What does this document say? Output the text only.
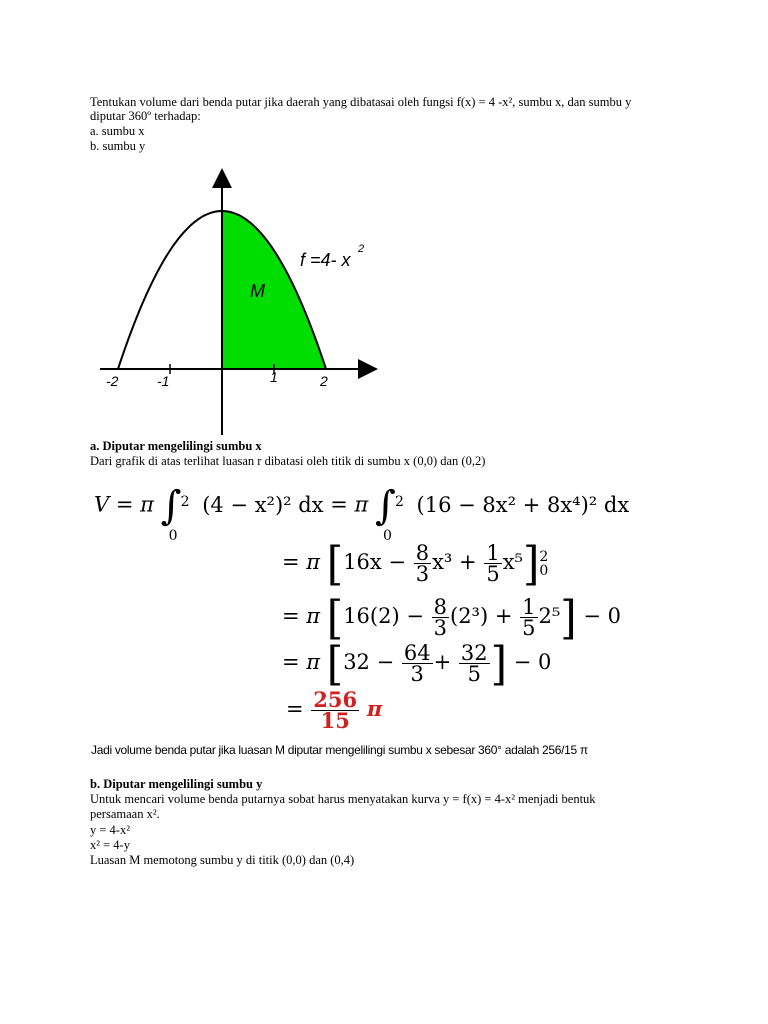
Tentukan volume dari benda putar jika daerah yang dibatasai oleh fungsi f(x) = 4 -x², sumbu x, dan sumbu y
diputar 360º terhadap:
a. sumbu x
b. sumbu y
-2	-1	1	2
M
f =4- x
2
a. Diputar mengelilingi sumbu x
Dari grafik di atas terlihat luasan r dibatasi oleh titik di sumbu x (0,0) dan (0,2)
V = π ∫ 2
0
(4 − x²)² dx = π ∫ 2
0
(16 − 8x² + 8x⁴)² dx
= π $[16x - \frac{8}{3} x^3 + \frac{1}{5} x^5]$ 2
0
= π $[16(2) - \frac{8}{3} (2^3) + \frac{1}{5} 2^5] - 0$
= π [$32 - \frac{64}{3} + \frac{32}{5}$ ] − 0
= $\frac{256}{15}$ π
Jadi volume benda putar jika luasan M diputar mengelilingi sumbu x sebesar 360° adalah 256/15 π
b. Diputar mengelilingi sumbu y
Untuk mencari volume benda putarnya sobat harus menyatakan kurva y = f(x) = 4-x² menjadi bentuk
persamaan x².
y = 4-x²
x² = 4-y
Luasan M memotong sumbu y di titik (0,0) dan (0,4)
